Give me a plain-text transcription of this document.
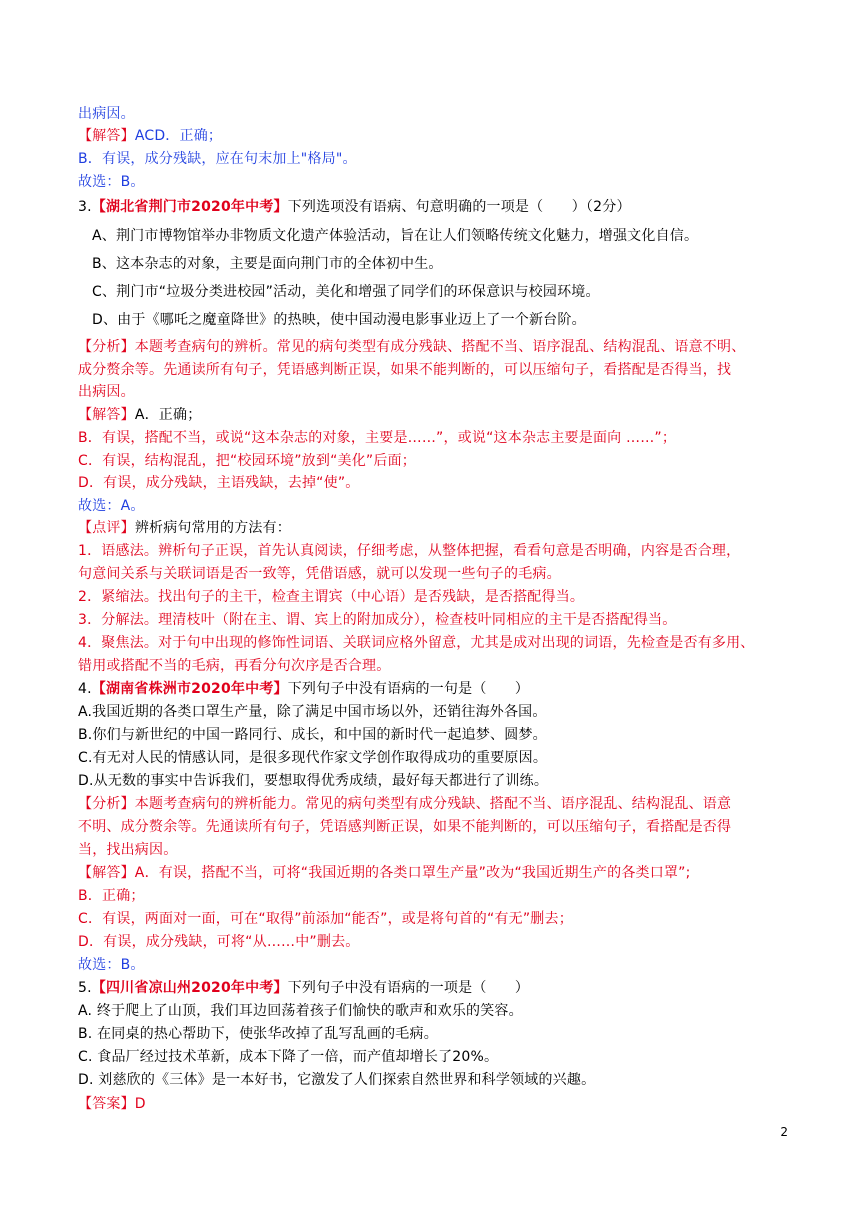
出病因。
【解答】ACD．正确；
B．有误，成分残缺，应在句末加上"格局"。
故选：B。
3.【湖北省荆门市2020年中考】下列选项没有语病、句意明确的一项是（　　）（2分）
A、荆门市博物馆举办非物质文化遗产体验活动，旨在让人们领略传统文化魅力，增强文化自信。
B、这本杂志的对象，主要是面向荆门市的全体初中生。
C、荆门市“垃圾分类进校园”活动，美化和增强了同学们的环保意识与校园环境。
D、由于《哪吒之魔童降世》的热映，使中国动漫电影事业迈上了一个新台阶。
【分析】本题考查病句的辨析。常见的病句类型有成分残缺、搭配不当、语序混乱、结构混乱、语意不明、
成分赘余等。先通读所有句子，凭语感判断正误，如果不能判断的，可以压缩句子，看搭配是否得当，找
出病因。
【解答】A．正确；
B．有误，搭配不当，或说“这本杂志的对象，主要是……”，或说“这本杂志主要是面向 ……”；
C．有误，结构混乱，把“校园环境”放到“美化”后面；
D．有误，成分残缺，主语残缺，去掉“使”。
故选：A。
【点评】辨析病句常用的方法有：
1．语感法。辨析句子正误，首先认真阅读，仔细考虑，从整体把握，看看句意是否明确，内容是否合理，
句意间关系与关联词语是否一致等，凭借语感，就可以发现一些句子的毛病。
2．紧缩法。找出句子的主干，检查主谓宾（中心语）是否残缺，是否搭配得当。
3．分解法。理清枝叶（附在主、谓、宾上的附加成分），检查枝叶同相应的主干是否搭配得当。
4．聚焦法。对于句中出现的修饰性词语、关联词应格外留意，尤其是成对出现的词语，先检查是否有多用、
错用或搭配不当的毛病，再看分句次序是否合理。
4.【湖南省株洲市2020年中考】下列句子中没有语病的一句是（　　）
A.我国近期的各类口罩生产量，除了满足中国市场以外，还销往海外各国。
B.你们与新世纪的中国一路同行、成长，和中国的新时代一起追梦、圆梦。
C.有无对人民的情感认同，是很多现代作家文学创作取得成功的重要原因。
D.从无数的事实中告诉我们，要想取得优秀成绩，最好每天都进行了训练。
【分析】本题考查病句的辨析能力。常见的病句类型有成分残缺、搭配不当、语序混乱、结构混乱、语意
不明、成分赘余等。先通读所有句子，凭语感判断正误，如果不能判断的，可以压缩句子，看搭配是否得
当，找出病因。
【解答】A．有误，搭配不当，可将“我国近期的各类口罩生产量”改为“我国近期生产的各类口罩”;
B．正确；
C．有误，两面对一面，可在“取得”前添加“能否”，或是将句首的“有无”删去；
D．有误，成分残缺，可将“从……中”删去。
故选：B。
5.【四川省凉山州2020年中考】下列句子中没有语病的一项是（　　）
A. 终于爬上了山顶，我们耳边回荡着孩子们愉快的歌声和欢乐的笑容。
B. 在同桌的热心帮助下，使张华改掉了乱写乱画的毛病。
C. 食品厂经过技术革新，成本下降了一倍，而产值却增长了20%。
D. 刘慈欣的《三体》是一本好书，它激发了人们探索自然世界和科学领域的兴趣。
【答案】D
2
